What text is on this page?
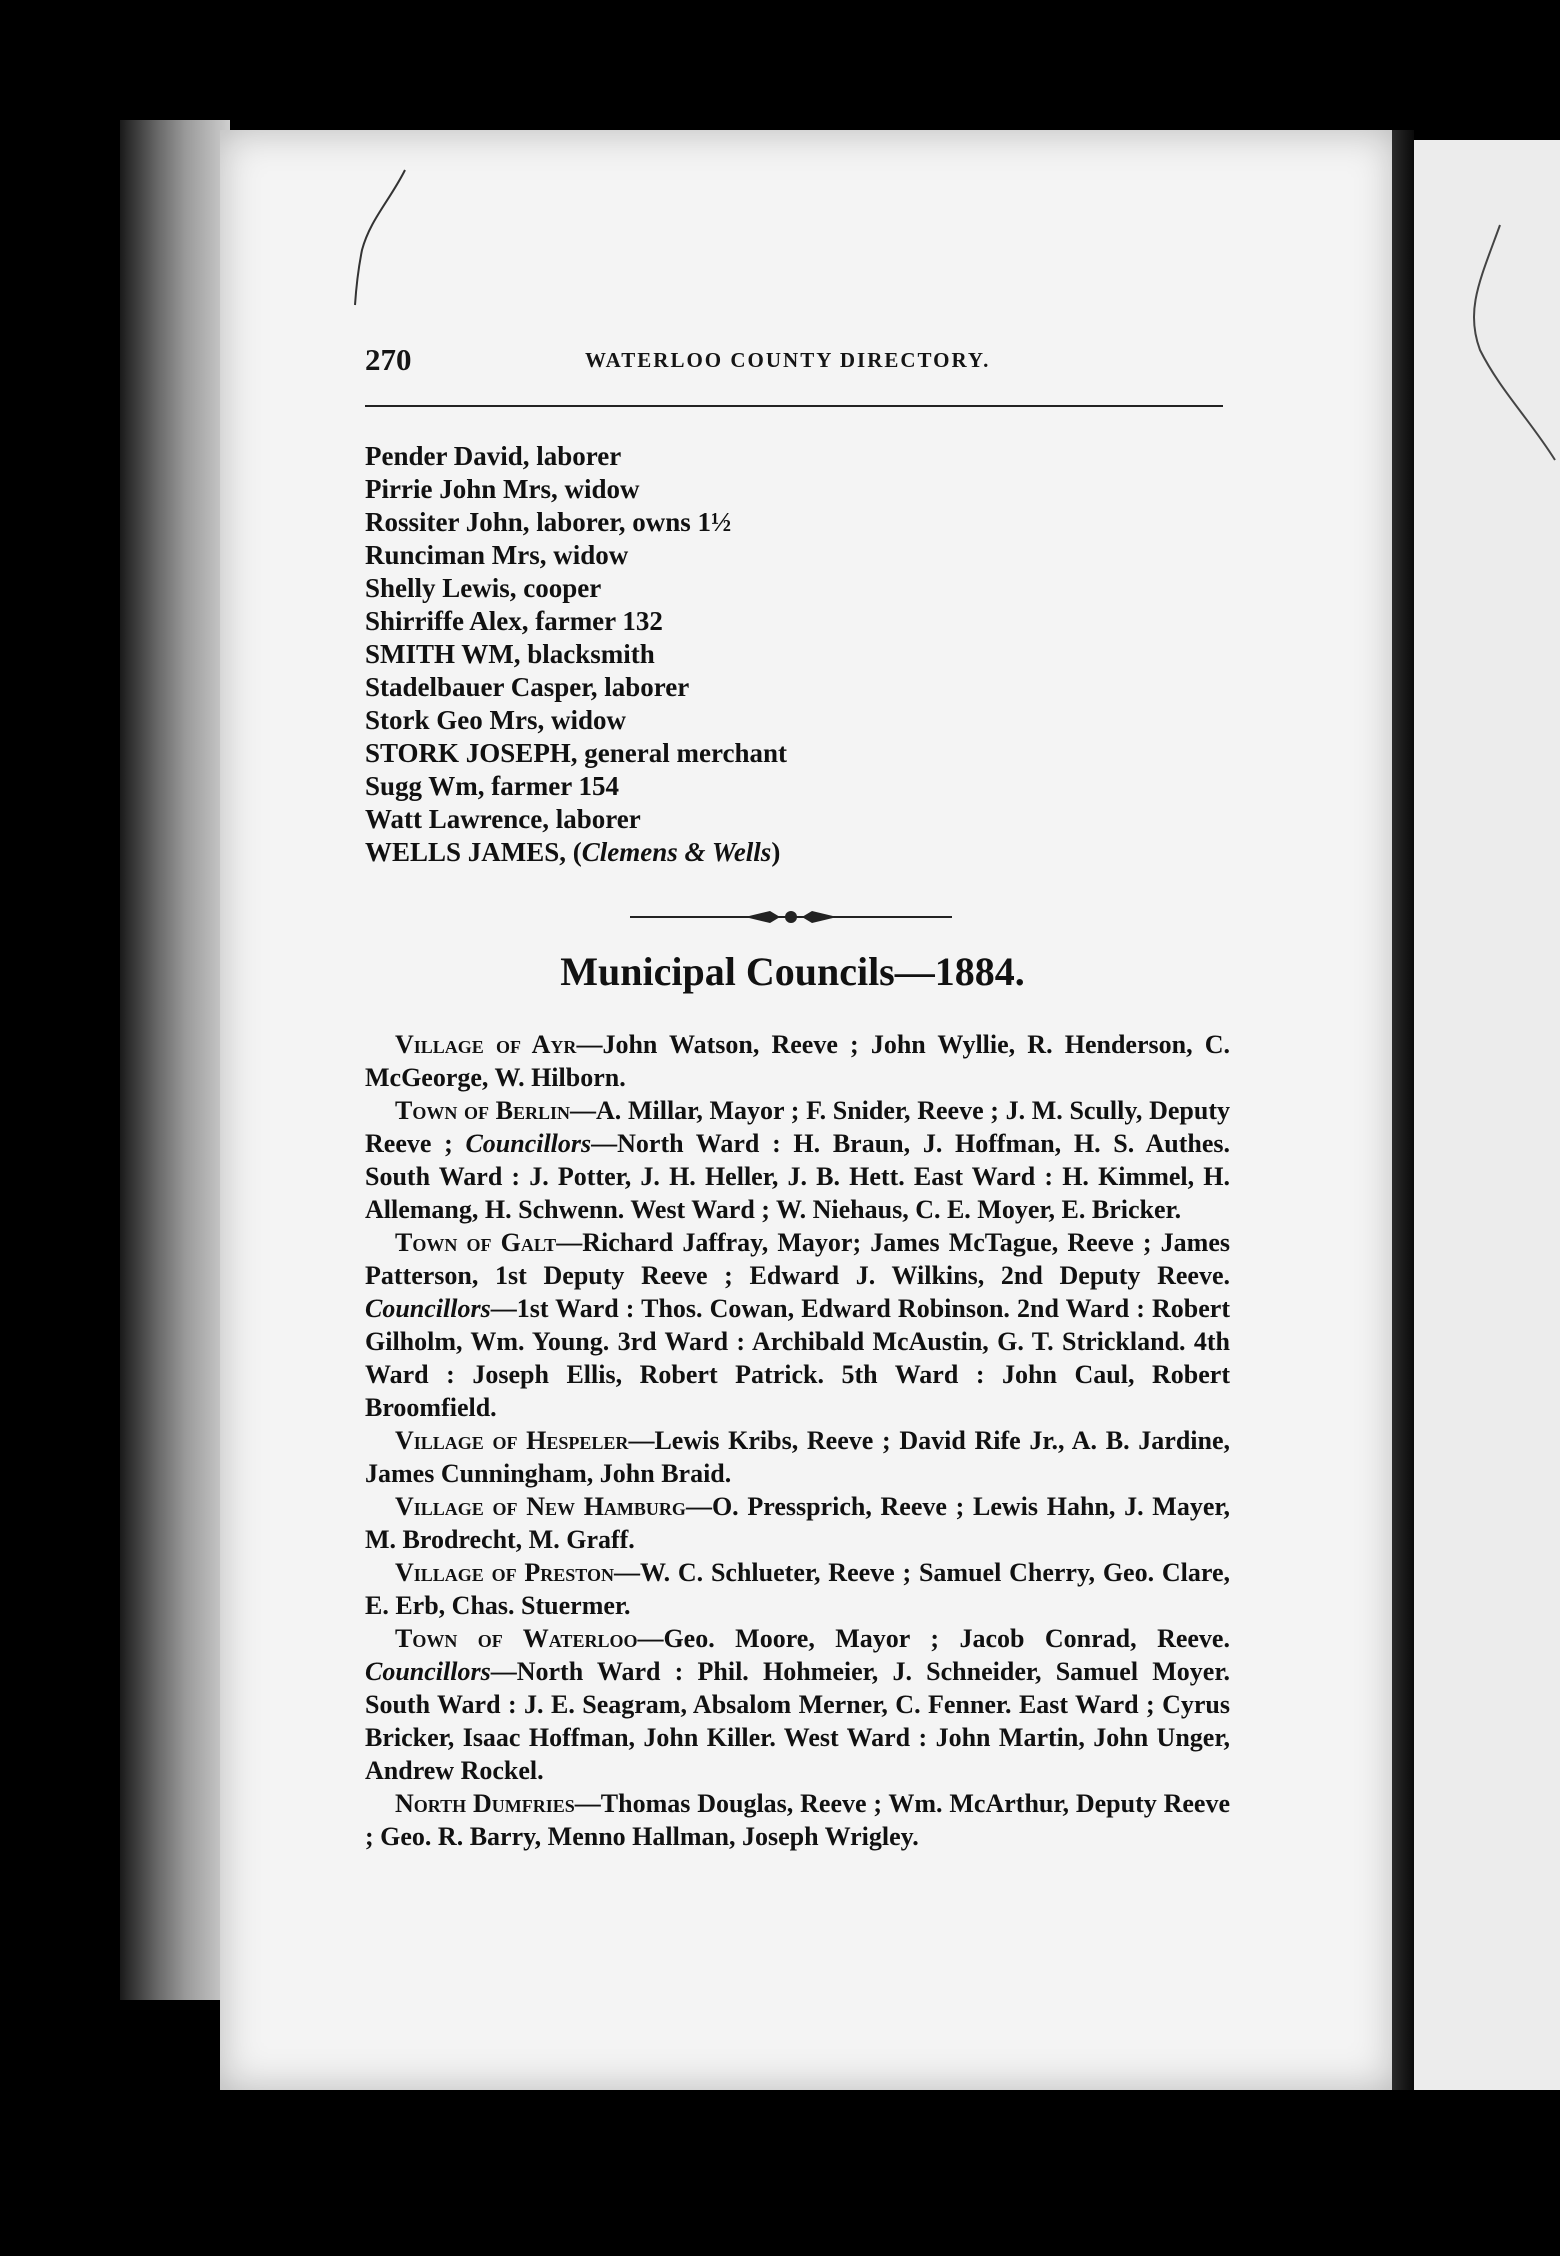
270	WATERLOO COUNTY DIRECTORY.
Pender David, laborer
Pirrie John Mrs, widow
Rossiter John, laborer, owns 1½
Runciman Mrs, widow
Shelly Lewis, cooper
Shirriffe Alex, farmer 132
SMITH WM, blacksmith
Stadelbauer Casper, laborer
Stork Geo Mrs, widow
STORK JOSEPH, general merchant
Sugg Wm, farmer 154
Watt Lawrence, laborer
WELLS JAMES, (Clemens & Wells)
Municipal Councils—1884.

Village of Ayr—John Watson, Reeve ; John Wyllie, R. Henderson, C. McGeorge, W. Hilborn.

Town of Berlin—A. Millar, Mayor ; F. Snider, Reeve ; J. M. Scully, Deputy Reeve ; Councillors—North Ward : H. Braun, J. Hoffman, H. S. Authes. South Ward : J. Potter, J. H. Heller, J. B. Hett. East Ward : H. Kimmel, H. Allemang, H. Schwenn. West Ward ; W. Niehaus, C. E. Moyer, E. Bricker.

Town of Galt—Richard Jaffray, Mayor; James McTague, Reeve ; James Patterson, 1st Deputy Reeve ; Edward J. Wilkins, 2nd Deputy Reeve. Councillors—1st Ward : Thos. Cowan, Edward Robinson. 2nd Ward : Robert Gilholm, Wm. Young. 3rd Ward : Archibald McAustin, G. T. Strickland. 4th Ward : Joseph Ellis, Robert Patrick. 5th Ward : John Caul, Robert Broomfield.

Village of Hespeler—Lewis Kribs, Reeve ; David Rife Jr., A. B. Jardine, James Cunningham, John Braid.

Village of New Hamburg—O. Pressprich, Reeve ; Lewis Hahn, J. Mayer, M. Brodrecht, M. Graff.

Village of Preston—W. C. Schlueter, Reeve ; Samuel Cherry, Geo. Clare, E. Erb, Chas. Stuermer.

Town of Waterloo—Geo. Moore, Mayor ; Jacob Conrad, Reeve. Councillors—North Ward : Phil. Hohmeier, J. Schneider, Samuel Moyer. South Ward : J. E. Seagram, Absalom Merner, C. Fenner. East Ward ; Cyrus Bricker, Isaac Hoffman, John Killer. West Ward : John Martin, John Unger, Andrew Rockel.

North Dumfries—Thomas Douglas, Reeve ; Wm. McArthur, Deputy Reeve ; Geo. R. Barry, Menno Hallman, Joseph Wrigley.
